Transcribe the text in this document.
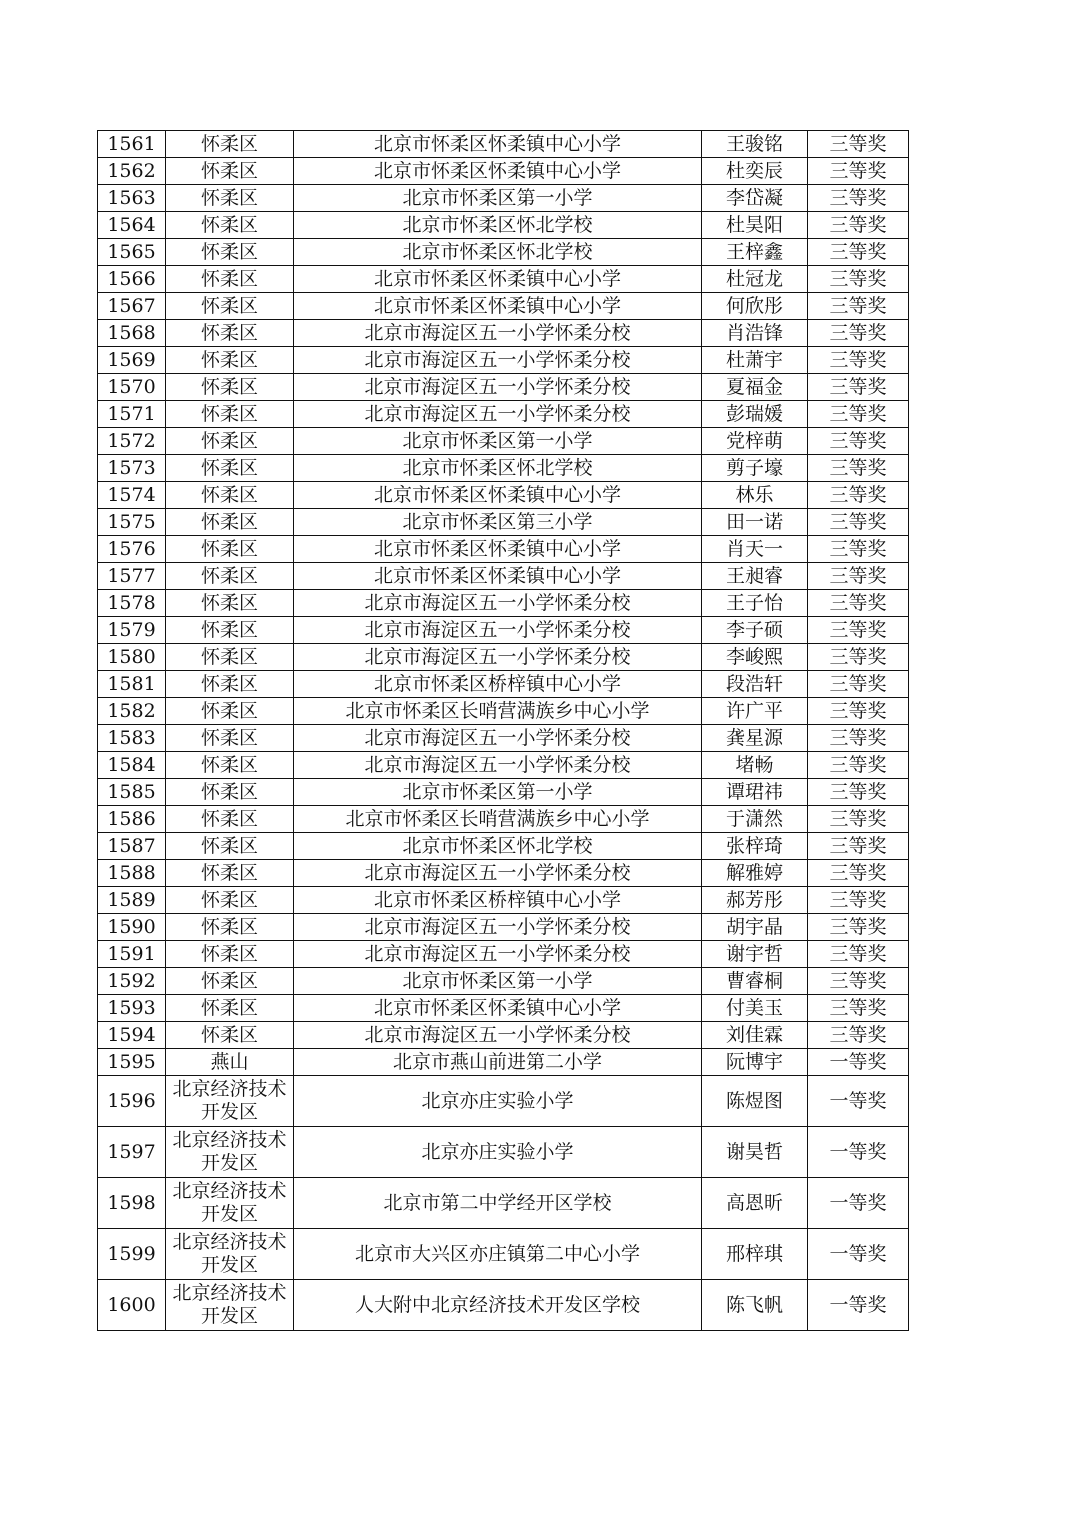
1561	怀柔区	北京市怀柔区怀柔镇中心小学	王骏铭	三等奖
1562	怀柔区	北京市怀柔区怀柔镇中心小学	杜奕辰	三等奖
1563	怀柔区	北京市怀柔区第一小学	李岱凝	三等奖
1564	怀柔区	北京市怀柔区怀北学校	杜昊阳	三等奖
1565	怀柔区	北京市怀柔区怀北学校	王梓鑫	三等奖
1566	怀柔区	北京市怀柔区怀柔镇中心小学	杜冠龙	三等奖
1567	怀柔区	北京市怀柔区怀柔镇中心小学	何欣彤	三等奖
1568	怀柔区	北京市海淀区五一小学怀柔分校	肖浩锋	三等奖
1569	怀柔区	北京市海淀区五一小学怀柔分校	杜萧宇	三等奖
1570	怀柔区	北京市海淀区五一小学怀柔分校	夏福金	三等奖
1571	怀柔区	北京市海淀区五一小学怀柔分校	彭瑞媛	三等奖
1572	怀柔区	北京市怀柔区第一小学	党梓萌	三等奖
1573	怀柔区	北京市怀柔区怀北学校	剪子壕	三等奖
1574	怀柔区	北京市怀柔区怀柔镇中心小学	林乐	三等奖
1575	怀柔区	北京市怀柔区第三小学	田一诺	三等奖
1576	怀柔区	北京市怀柔区怀柔镇中心小学	肖天一	三等奖
1577	怀柔区	北京市怀柔区怀柔镇中心小学	王昶睿	三等奖
1578	怀柔区	北京市海淀区五一小学怀柔分校	王子怡	三等奖
1579	怀柔区	北京市海淀区五一小学怀柔分校	李子硕	三等奖
1580	怀柔区	北京市海淀区五一小学怀柔分校	李峻熙	三等奖
1581	怀柔区	北京市怀柔区桥梓镇中心小学	段浩轩	三等奖
1582	怀柔区	北京市怀柔区长哨营满族乡中心小学	许广平	三等奖
1583	怀柔区	北京市海淀区五一小学怀柔分校	龚星源	三等奖
1584	怀柔区	北京市海淀区五一小学怀柔分校	堵畅	三等奖
1585	怀柔区	北京市怀柔区第一小学	谭珺祎	三等奖
1586	怀柔区	北京市怀柔区长哨营满族乡中心小学	于潇然	三等奖
1587	怀柔区	北京市怀柔区怀北学校	张梓琦	三等奖
1588	怀柔区	北京市海淀区五一小学怀柔分校	解雅婷	三等奖
1589	怀柔区	北京市怀柔区桥梓镇中心小学	郝芳彤	三等奖
1590	怀柔区	北京市海淀区五一小学怀柔分校	胡宇晶	三等奖
1591	怀柔区	北京市海淀区五一小学怀柔分校	谢宇哲	三等奖
1592	怀柔区	北京市怀柔区第一小学	曹睿桐	三等奖
1593	怀柔区	北京市怀柔区怀柔镇中心小学	付美玉	三等奖
1594	怀柔区	北京市海淀区五一小学怀柔分校	刘佳霖	三等奖
1595	燕山	北京市燕山前进第二小学	阮博宇	一等奖
1596	北京经济技术开发区	北京亦庄实验小学	陈煜图	一等奖
1597	北京经济技术开发区	北京亦庄实验小学	谢昊哲	一等奖
1598	北京经济技术开发区	北京市第二中学经开区学校	高恩昕	一等奖
1599	北京经济技术开发区	北京市大兴区亦庄镇第二中心小学	邢梓琪	一等奖
1600	北京经济技术开发区	人大附中北京经济技术开发区学校	陈飞帆	一等奖
